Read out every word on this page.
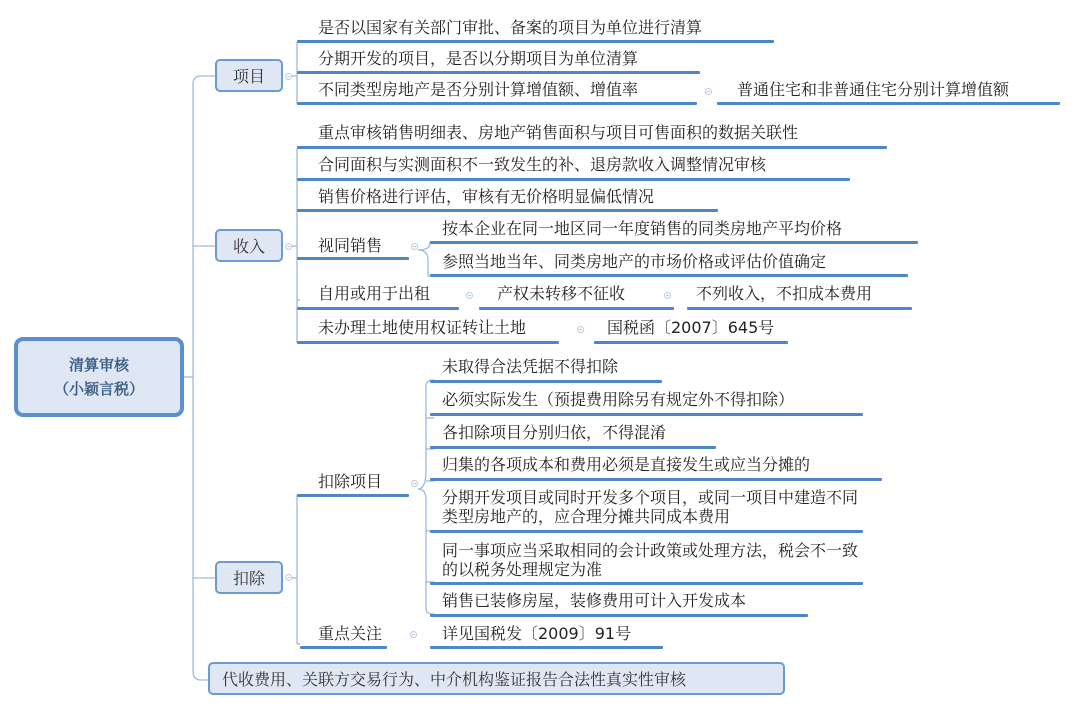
清算审核
（小颖言税）
项目
是否以国家有关部门审批、备案的项目为单位进行清算
分期开发的项目，是否以分期项目为单位清算
不同类型房地产是否分别计算增值额、增值率	普通住宅和非普通住宅分别计算增值额
收入
重点审核销售明细表、房地产销售面积与项目可售面积的数据关联性
合同面积与实测面积不一致发生的补、退房款收入调整情况审核
销售价格进行评估，审核有无价格明显偏低情况
视同销售
按本企业在同一地区同一年度销售的同类房地产平均价格
参照当地当年、同类房地产的市场价格或评估价值确定
自用或用于出租	产权未转移不征收	不列收入，不扣成本费用
未办理土地使用权证转让土地	国税函〔2007〕645号
扣除
扣除项目
未取得合法凭据不得扣除
必须实际发生（预提费用除另有规定外不得扣除）
各扣除项目分别归依，不得混淆
归集的各项成本和费用必须是直接发生或应当分摊的
分期开发项目或同时开发多个项目，或同一项目中建造不同类型房地产的，应合理分摊共同成本费用
同一事项应当采取相同的会计政策或处理方法，税会不一致的以税务处理规定为准
销售已装修房屋，装修费用可计入开发成本
重点关注	详见国税发〔2009〕91号
代收费用、关联方交易行为、中介机构鉴证报告合法性真实性审核
